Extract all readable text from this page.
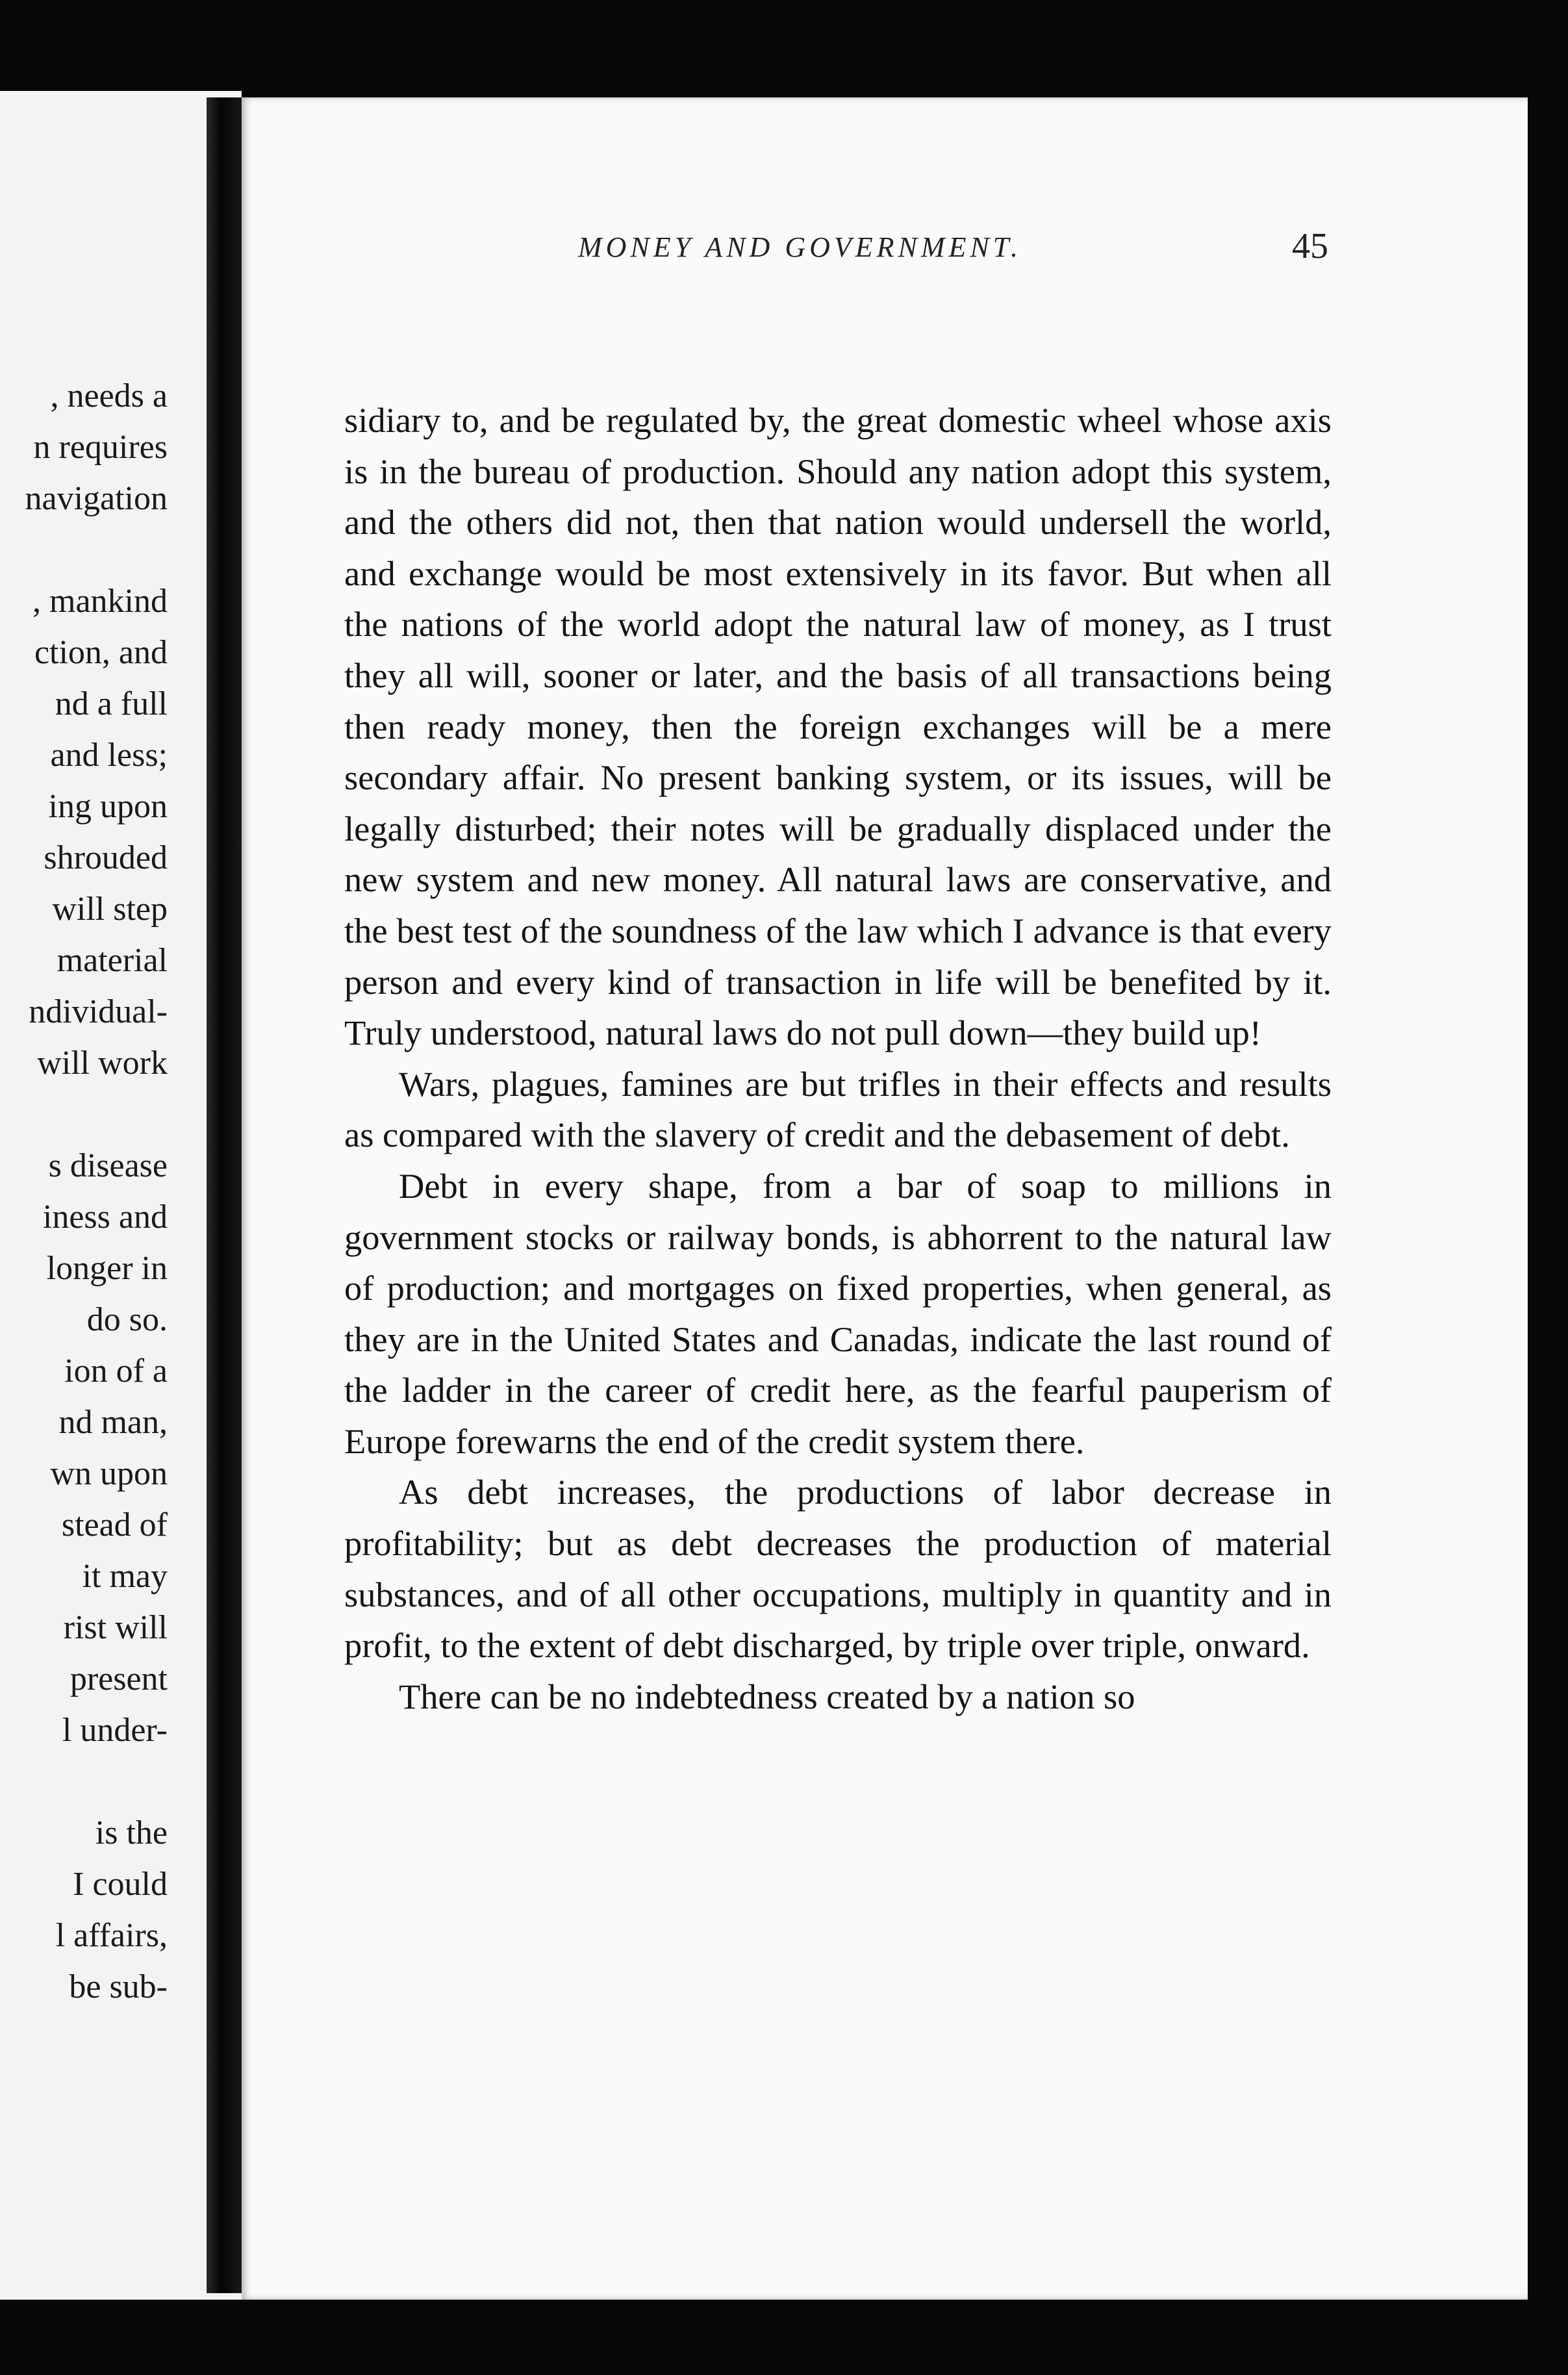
, needs a
n requires
navigation
, mankind
ction, and
nd a full
and less;
ing upon
shrouded
will step
material
ndividual-
will work
s disease
iness and
longer in
do so.
ion of a
nd man,
wn upon
stead of
it may
rist will
present
l under-
is the
I could
l affairs,
be sub-
MONEY AND GOVERNMENT.	45

sidiary to, and be regulated by, the great domestic wheel whose axis is in the bureau of production. Should any nation adopt this system, and the others did not, then that nation would undersell the world, and exchange would be most extensively in its favor. But when all the nations of the world adopt the natural law of money, as I trust they all will, sooner or later, and the basis of all transactions being then ready money, then the foreign exchanges will be a mere secondary affair. No present banking system, or its issues, will be legally disturbed; their notes will be gradually displaced under the new system and new money. All natural laws are conservative, and the best test of the soundness of the law which I advance is that every person and every kind of transaction in life will be benefited by it. Truly understood, natural laws do not pull down—they build up!

Wars, plagues, famines are but trifles in their effects and results as compared with the slavery of credit and the debasement of debt.

Debt in every shape, from a bar of soap to millions in government stocks or railway bonds, is abhorrent to the natural law of production; and mortgages on fixed properties, when general, as they are in the United States and Canadas, indicate the last round of the ladder in the career of credit here, as the fearful pauperism of Europe forewarns the end of the credit system there.

As debt increases, the productions of labor decrease in profitability; but as debt decreases the production of material substances, and of all other occupations, multiply in quantity and in profit, to the extent of debt discharged, by triple over triple, onward.

There can be no indebtedness created by a nation so
